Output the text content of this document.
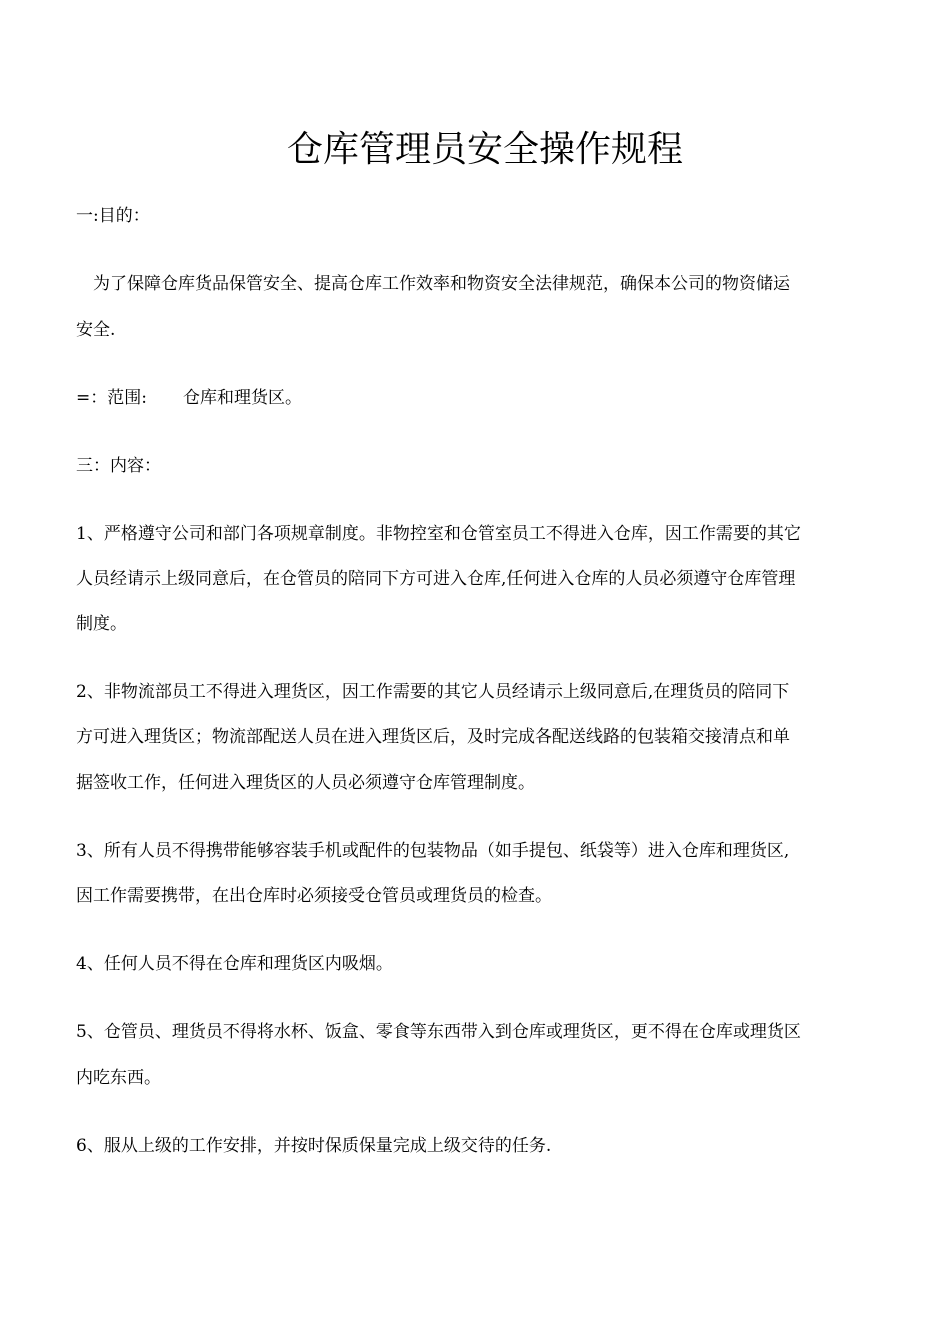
仓库管理员安全操作规程

一:目的：

为了保障仓库货品保管安全、提高仓库工作效率和物资安全法律规范，确保本公司的物资储运

安全.

=：范围: 仓库和理货区。

三：内容：

1、严格遵守公司和部门各项规章制度。非物控室和仓管室员工不得进入仓库，因工作需要的其它

人员经请示上级同意后，在仓管员的陪同下方可进入仓库,任何进入仓库的人员必须遵守仓库管理

制度。

2、非物流部员工不得进入理货区，因工作需要的其它人员经请示上级同意后,在理货员的陪同下

方可进入理货区；物流部配送人员在进入理货区后，及时完成各配送线路的包装箱交接清点和单

据签收工作，任何进入理货区的人员必须遵守仓库管理制度。

3、所有人员不得携带能够容装手机或配件的包装物品（如手提包、纸袋等）进入仓库和理货区,

因工作需要携带，在出仓库时必须接受仓管员或理货员的检查。

4、任何人员不得在仓库和理货区内吸烟。

5、仓管员、理货员不得将水杯、饭盒、零食等东西带入到仓库或理货区，更不得在仓库或理货区

内吃东西。

6、服从上级的工作安排，并按时保质保量完成上级交待的任务.
